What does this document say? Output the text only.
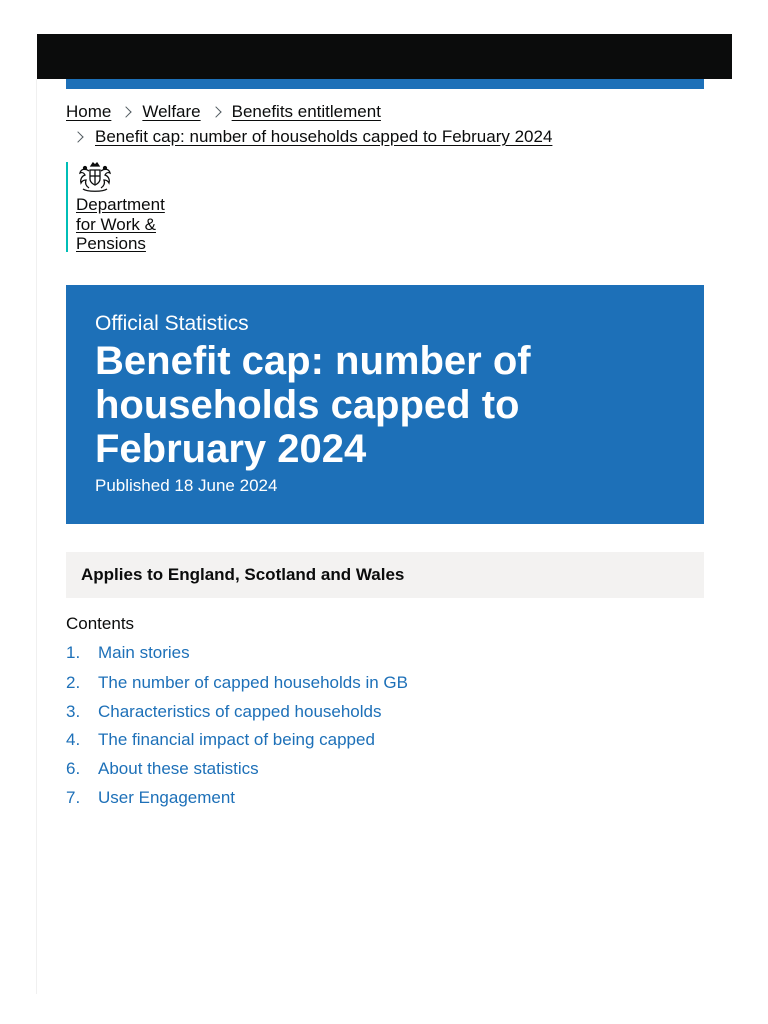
Home Welfare Benefits entitlement
Benefit cap: number of households capped to February 2024
Department
for Work &
Pensions

Official Statistics

Benefit cap: number of
households capped to
February 2024
Published 18 June 2024
Applies to England, Scotland and Wales
Contents
1.	Main stories
2.	The number of capped households in GB
3.	Characteristics of capped households
4.	The financial impact of being capped
6.	About these statistics
7.	User Engagement
